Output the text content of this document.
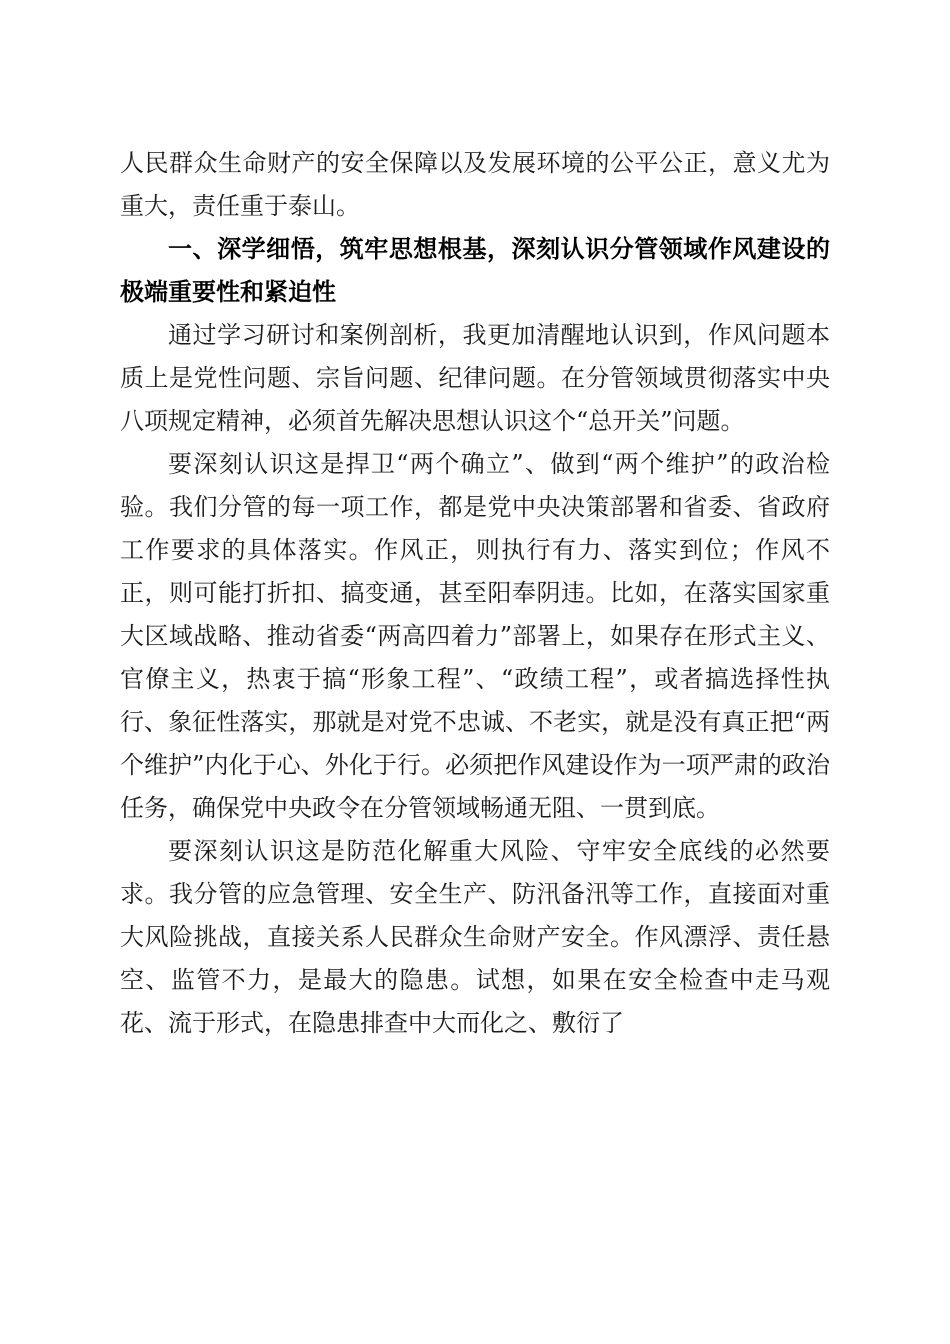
人民群众生命财产的安全保障以及发展环境的公平公正，意义尤为重大，责任重于泰山。

一、深学细悟，筑牢思想根基，深刻认识分管领域作风建设的极端重要性和紧迫性

通过学习研讨和案例剖析，我更加清醒地认识到，作风问题本质上是党性问题、宗旨问题、纪律问题。在分管领域贯彻落实中央八项规定精神，必须首先解决思想认识这个“总开关”问题。

要深刻认识这是捍卫“两个确立”、做到“两个维护”的政治检验。我们分管的每一项工作，都是党中央决策部署和省委、省政府工作要求的具体落实。作风正，则执行有力、落实到位；作风不正，则可能打折扣、搞变通，甚至阳奉阴违。比如，在落实国家重大区域战略、推动省委“两高四着力”部署上，如果存在形式主义、官僚主义，热衷于搞“形象工程”、“政绩工程”，或者搞选择性执行、象征性落实，那就是对党不忠诚、不老实，就是没有真正把“两个维护”内化于心、外化于行。必须把作风建设作为一项严肃的政治任务，确保党中央政令在分管领域畅通无阻、一贯到底。

要深刻认识这是防范化解重大风险、守牢安全底线的必然要求。我分管的应急管理、安全生产、防汛备汛等工作，直接面对重大风险挑战，直接关系人民群众生命财产安全。作风漂浮、责任悬空、监管不力，是最大的隐患。试想，如果在安全检查中走马观花、流于形式，在隐患排查中大而化之、敷衍了
